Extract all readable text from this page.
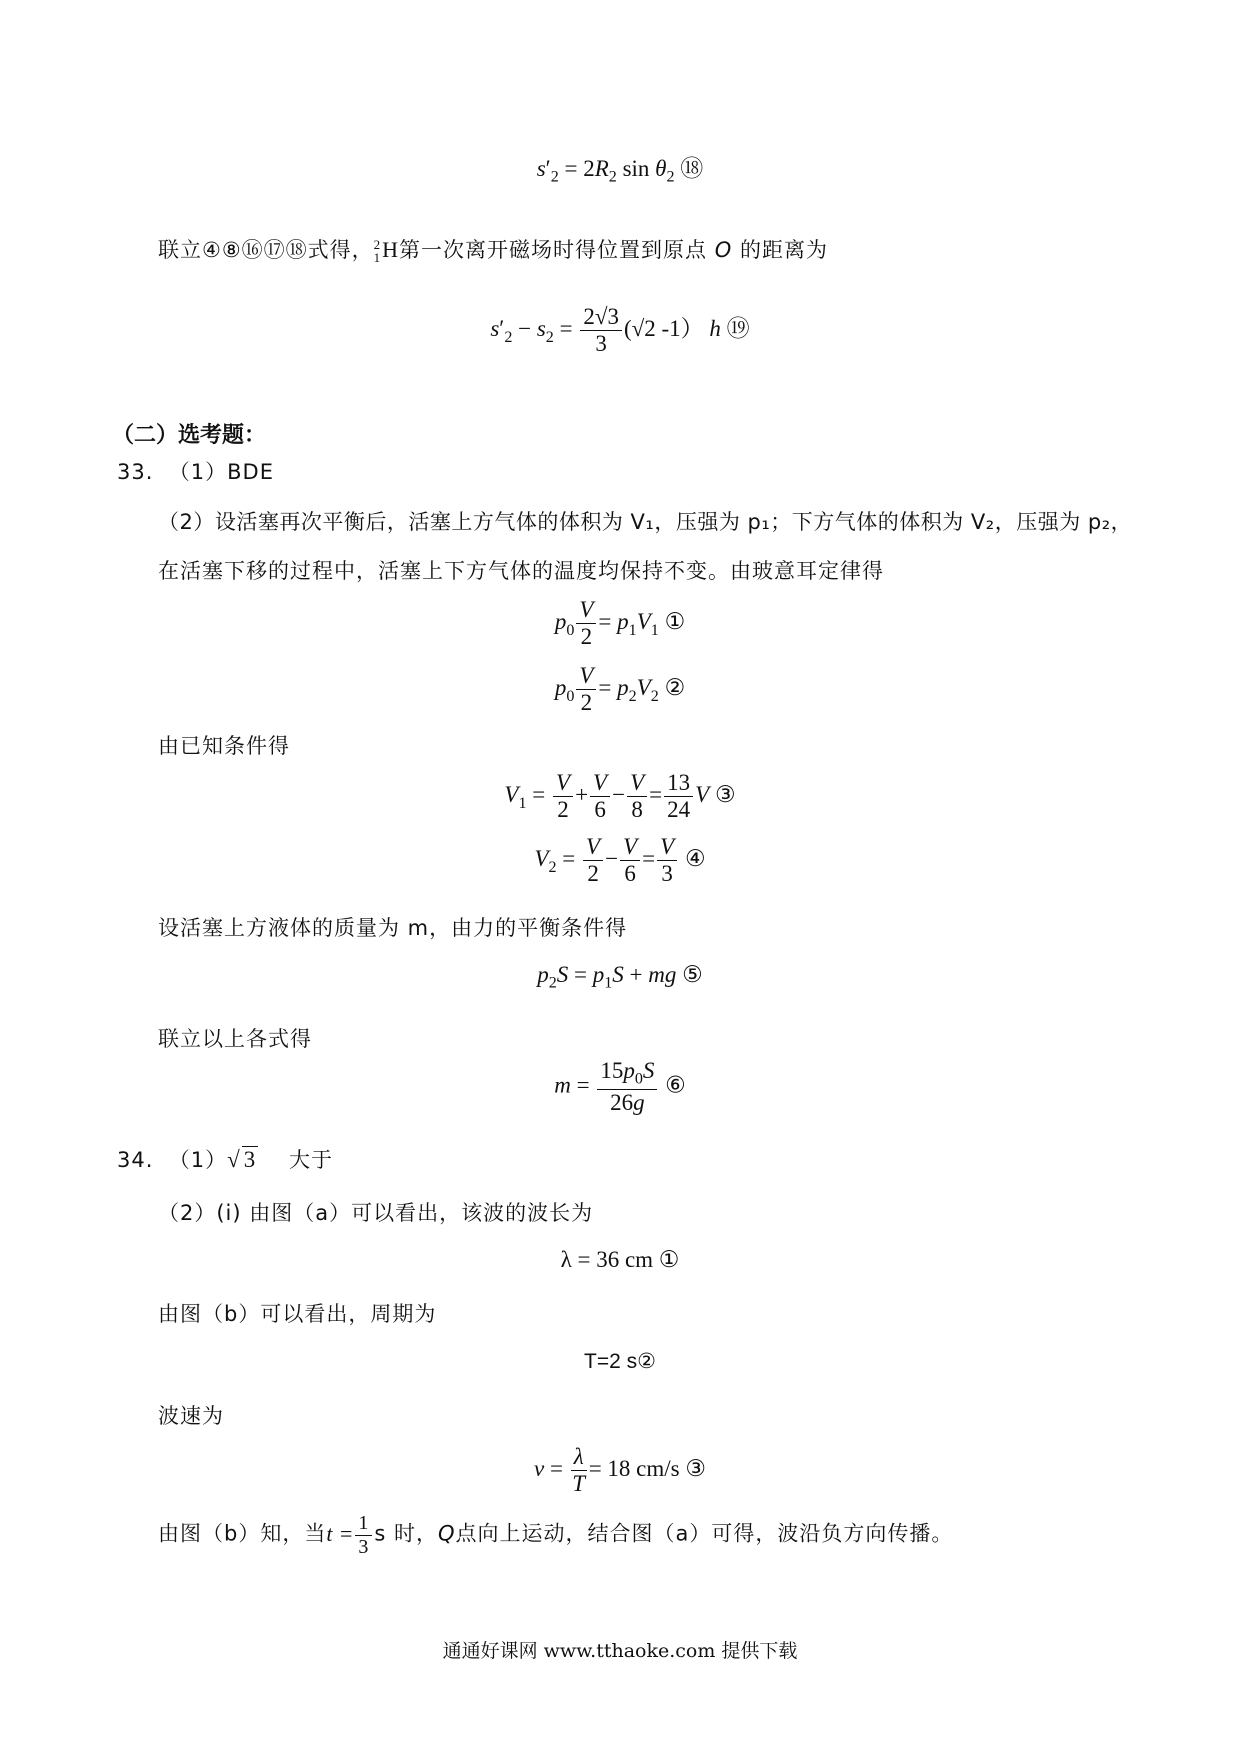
$s'_2 = 2R_2$ $\sin \theta_2$ ⑱
联立④⑧⑯⑰⑱式得， 2
1 H第一次离开磁场时得位置到原点 O 的距离为
$s'_2 - s_2 = \frac{2√3}{3} (√2$ -1） h ⑲
（二）选考题：
33. （1）BDE
（2）设活塞再次平衡后，活塞上方气体的体积为 V₁，压强为 p₁；下方气体的体积为 V₂，压强为 p₂，
在活塞下移的过程中，活塞上下方气体的温度均保持不变。由玻意耳定律得
$p_0 \frac{V}{2} = p_1V_1$ ①
$p_0 \frac{V}{2} = p_2V_2$ ②
由已知条件得
$V_1 = \frac{V}{2} + \frac{V}{6} - \frac{V}{8} = \frac{13}{24}$ V ③
$V_2 = \frac{V}{2} - \frac{V}{6} = \frac{V}{3}$ ④
设活塞上方液体的质量为 m，由力的平衡条件得
$p_2S = p_1S$ + mg ⑤
联立以上各式得
$m = \frac{15p_0S}{26g}$ ⑥
34. （1）√ 3 大于
（2）(i) 由图（a）可以看出，该波的波长为
λ = 36 cm ①
由图（b）可以看出，周期为
T=2 s②
波速为
$v = \frac{\lambda}{T} = 18$ cm/s ③
由图（b）知，当$t = \frac{1}{3}$ s 时，Q点向上运动，结合图（a）可得，波沿负方向传播。
通通好课网 www.tthaoke.com 提供下载
